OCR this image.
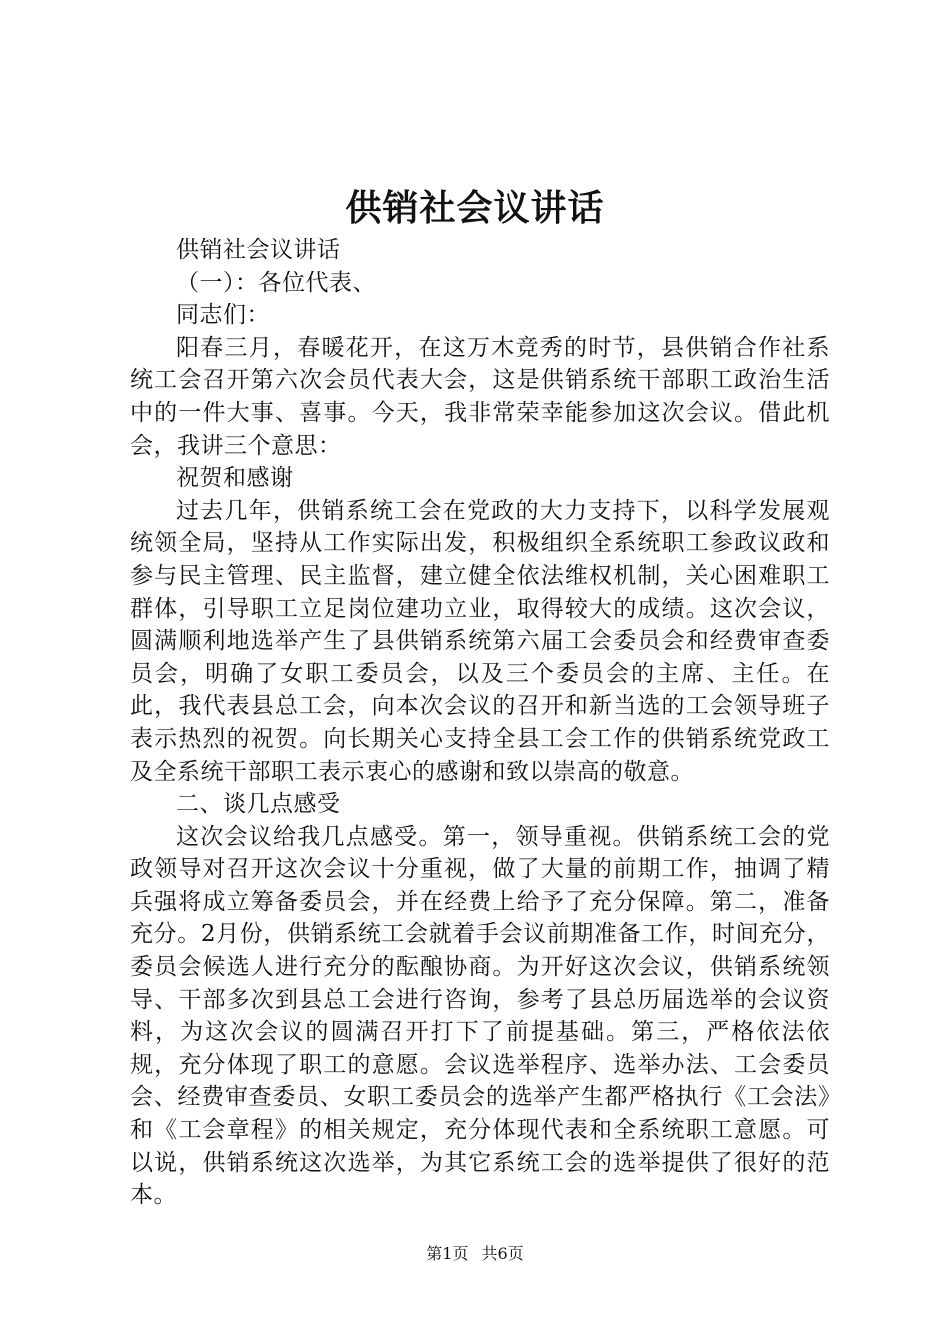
供销社会议讲话

供销社会议讲话

（一）：各位代表、

同志们：

阳春三月，春暖花开，在这万木竞秀的时节，县供销合作社系统工会召开第六次会员代表大会，这是供销系统干部职工政治生活中的一件大事、喜事。今天，我非常荣幸能参加这次会议。借此机会，我讲三个意思：

祝贺和感谢

过去几年，供销系统工会在党政的大力支持下，以科学发展观统领全局，坚持从工作实际出发，积极组织全系统职工参政议政和参与民主管理、民主监督，建立健全依法维权机制，关心困难职工群体，引导职工立足岗位建功立业，取得较大的成绩。这次会议，圆满顺利地选举产生了县供销系统第六届工会委员会和经费审查委员会，明确了女职工委员会，以及三个委员会的主席、主任。在此，我代表县总工会，向本次会议的召开和新当选的工会领导班子表示热烈的祝贺。向长期关心支持全县工会工作的供销系统党政工及全系统干部职工表示衷心的感谢和致以崇高的敬意。

二、谈几点感受

这次会议给我几点感受。第一，领导重视。供销系统工会的党政领导对召开这次会议十分重视，做了大量的前期工作，抽调了精兵强将成立筹备委员会，并在经费上给予了充分保障。第二，准备充分。2月份，供销系统工会就着手会议前期准备工作，时间充分，委员会候选人进行充分的酝酿协商。为开好这次会议，供销系统领导、干部多次到县总工会进行咨询，参考了县总历届选举的会议资料，为这次会议的圆满召开打下了前提基础。第三，严格依法依规，充分体现了职工的意愿。会议选举程序、选举办法、工会委员会、经费审查委员、女职工委员会的选举产生都严格执行《工会法》和《工会章程》的相关规定，充分体现代表和全系统职工意愿。可以说，供销系统这次选举，为其它系统工会的选举提供了很好的范本。

第1页 共6页
